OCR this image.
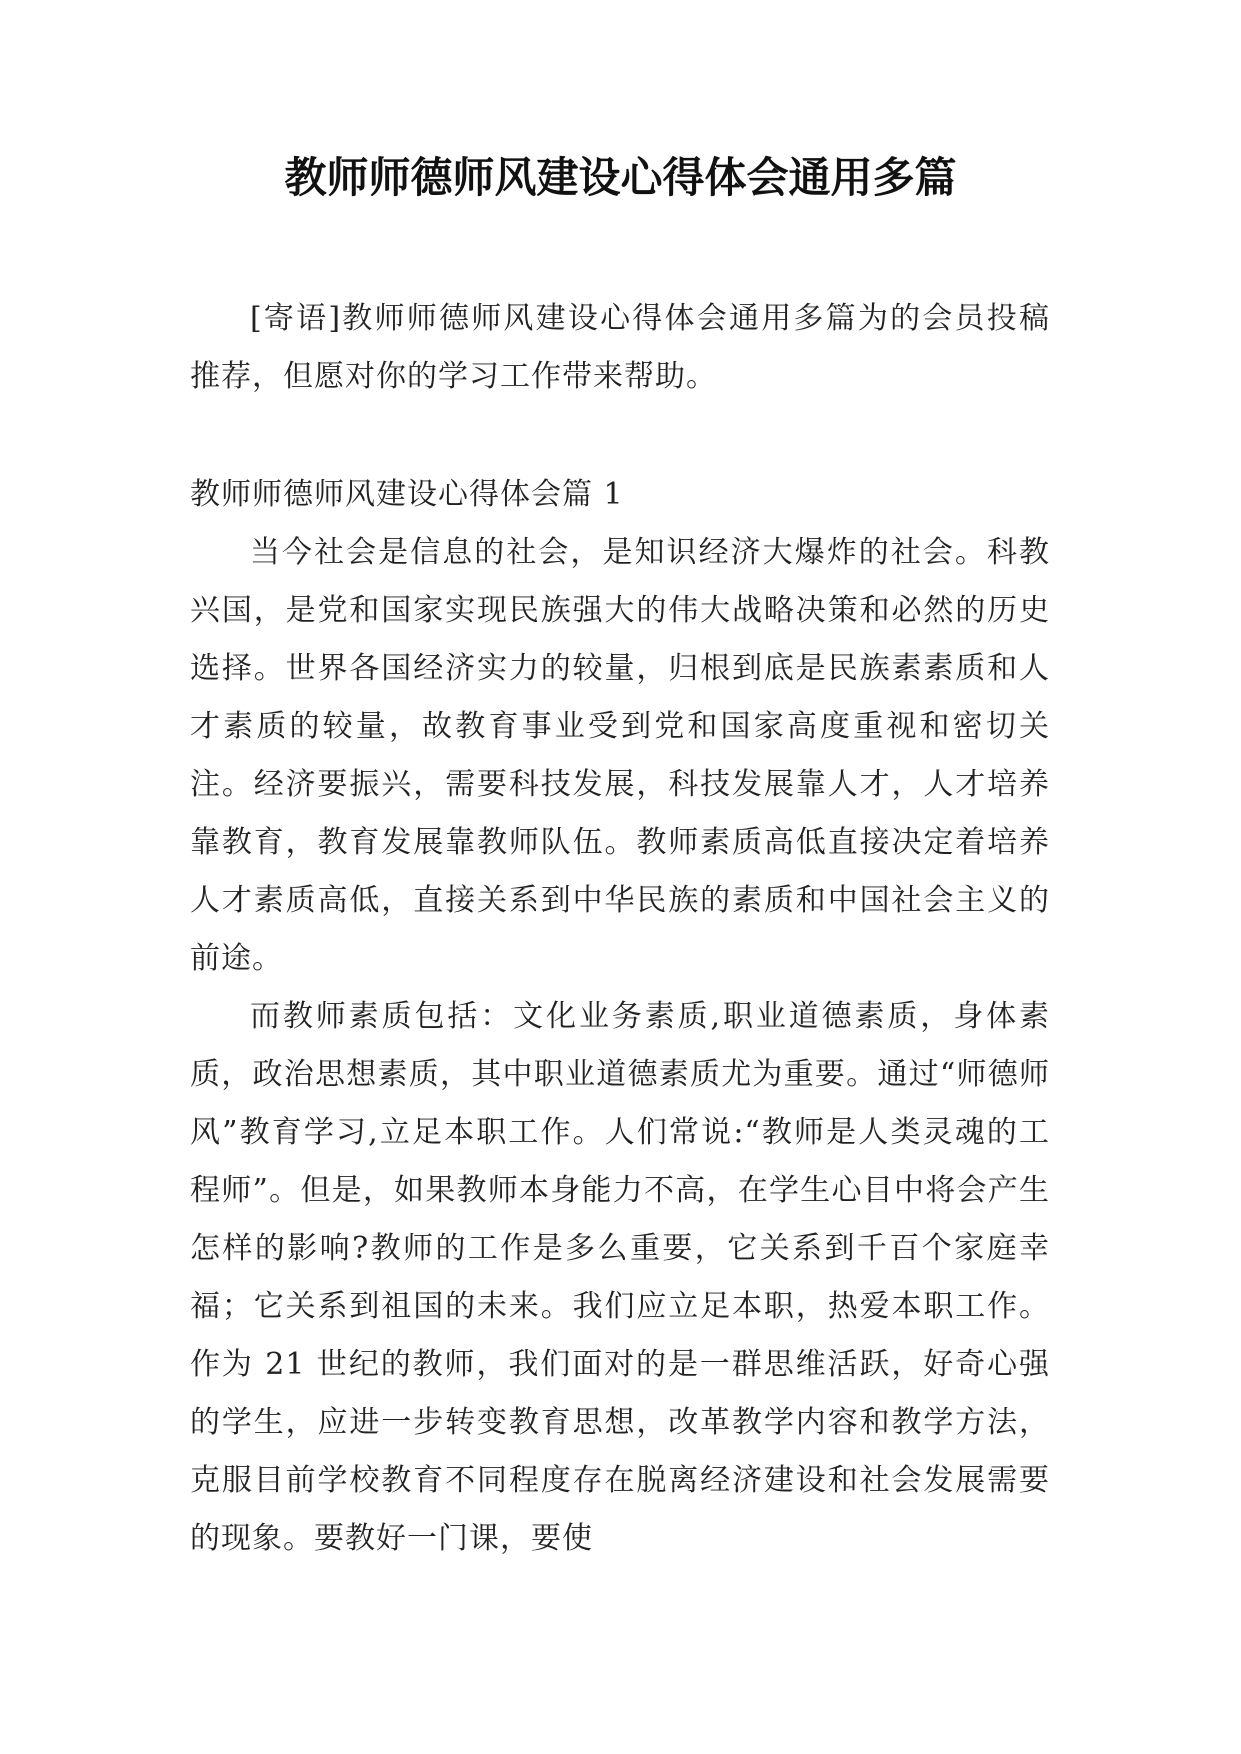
教师师德师风建设心得体会通用多篇

[寄语]教师师德师风建设心得体会通用多篇为的会员投稿推荐，但愿对你的学习工作带来帮助。

教师师德师风建设心得体会篇 1

当今社会是信息的社会，是知识经济大爆炸的社会。科教兴国，是党和国家实现民族强大的伟大战略决策和必然的历史选择。世界各国经济实力的较量，归根到底是民族素素质和人才素质的较量，故教育事业受到党和国家高度重视和密切关注。经济要振兴，需要科技发展，科技发展靠人才，人才培养靠教育，教育发展靠教师队伍。教师素质高低直接决定着培养人才素质高低，直接关系到中华民族的素质和中国社会主义的前途。

而教师素质包括：文化业务素质,职业道德素质，身体素质，政治思想素质，其中职业道德素质尤为重要。通过“师德师风”教育学习,立足本职工作。人们常说:“教师是人类灵魂的工程师”。但是，如果教师本身能力不高，在学生心目中将会产生怎样的影响?教师的工作是多么重要，它关系到千百个家庭幸福；它关系到祖国的未来。我们应立足本职，热爱本职工作。作为 21 世纪的教师，我们面对的是一群思维活跃，好奇心强的学生，应进一步转变教育思想，改革教学内容和教学方法，克服目前学校教育不同程度存在脱离经济建设和社会发展需要的现象。要教好一门课，要使
